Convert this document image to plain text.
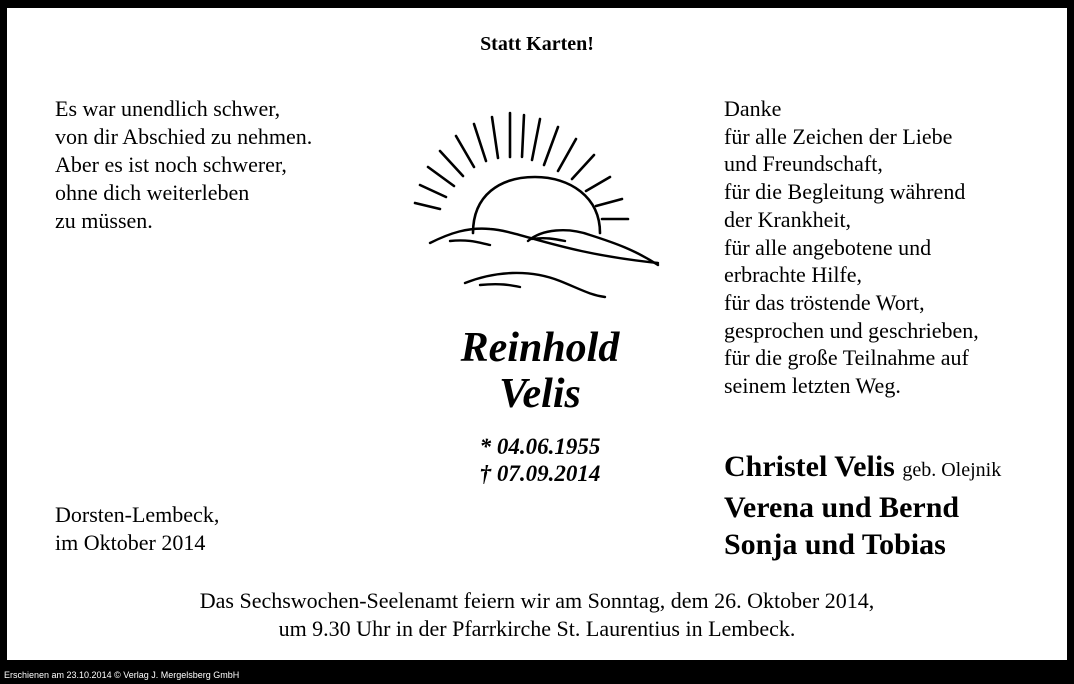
Statt Karten!
Es war unendlich schwer,
von dir Abschied zu nehmen.
Aber es ist noch schwerer,
ohne dich weiterleben
zu müssen.
Danke
für alle Zeichen der Liebe
und Freundschaft,
für die Begleitung während
der Krankheit,
für alle angebotene und
erbrachte Hilfe,
für das tröstende Wort,
gesprochen und geschrieben,
für die große Teilnahme auf
seinem letzten Weg.
Reinhold
Velis
* 04.06.1955
† 07.09.2014
Dorsten-Lembeck,
im Oktober 2014
Christel Velis geb. Olejnik
Verena und Bernd
Sonja und Tobias
Das Sechswochen-Seelenamt feiern wir am Sonntag, dem 26. Oktober 2014,
um 9.30 Uhr in der Pfarrkirche St. Laurentius in Lembeck.
Erschienen am 23.10.2014 © Verlag J. Mergelsberg GmbH
